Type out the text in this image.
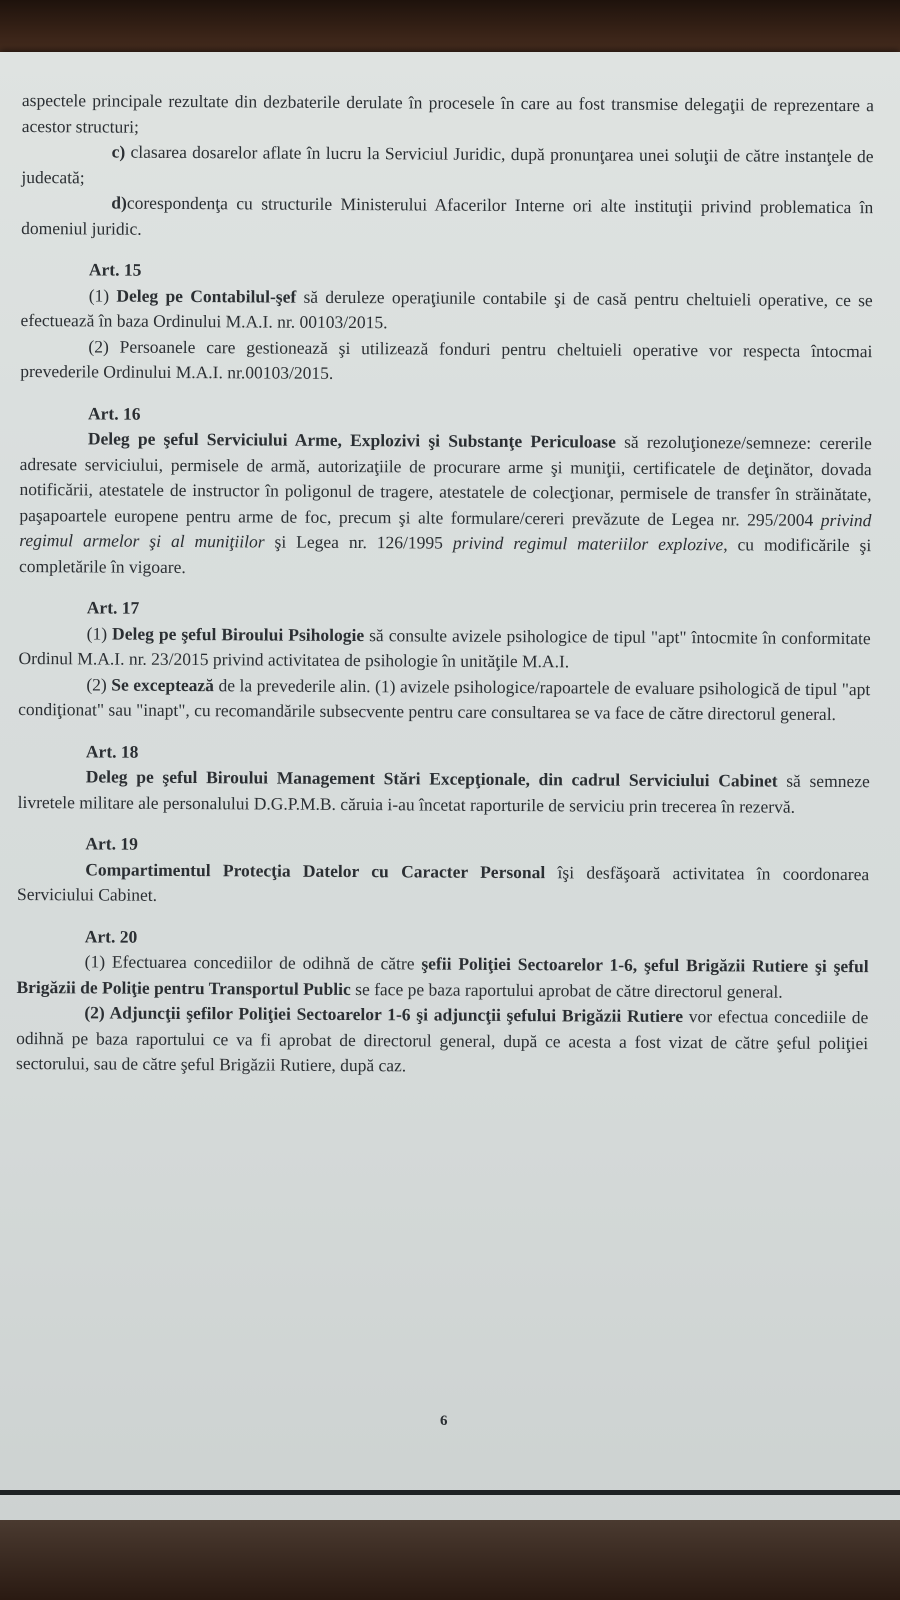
aspectele principale rezultate din dezbaterile derulate în procesele în care au fost transmise delegaţii de reprezentare a acestor structuri;

c) clasarea dosarelor aflate în lucru la Serviciul Juridic, după pronunţarea unei soluţii de către instanţele de judecată;

d)corespondenţa cu structurile Ministerului Afacerilor Interne ori alte instituţii privind problematica în domeniul juridic.

Art. 15

(1) Deleg pe Contabilul-şef să deruleze operaţiunile contabile şi de casă pentru cheltuieli operative, ce se efectuează în baza Ordinului M.A.I. nr. 00103/2015.

(2) Persoanele care gestionează şi utilizează fonduri pentru cheltuieli operative vor respecta întocmai prevederile Ordinului M.A.I. nr.00103/2015.

Art. 16

Deleg pe şeful Serviciului Arme, Explozivi şi Substanţe Periculoase să rezoluţioneze/semneze: cererile adresate serviciului, permisele de armă, autorizaţiile de procurare arme şi muniţii, certificatele de deţinător, dovada notificării, atestatele de instructor în poligonul de tragere, atestatele de colecţionar, permisele de transfer în străinătate, paşapoartele europene pentru arme de foc, precum şi alte formulare/cereri prevăzute de Legea nr. 295/2004 privind regimul armelor şi al muniţiilor şi Legea nr. 126/1995 privind regimul materiilor explozive, cu modificările şi completările în vigoare.

Art. 17

(1) Deleg pe şeful Biroului Psihologie să consulte avizele psihologice de tipul "apt" întocmite în conformitate Ordinul M.A.I. nr. 23/2015 privind activitatea de psihologie în unităţile M.A.I.

(2) Se exceptează de la prevederile alin. (1) avizele psihologice/rapoartele de evaluare psihologică de tipul "apt condiţionat" sau "inapt", cu recomandările subsecvente pentru care consultarea se va face de către directorul general.

Art. 18

Deleg pe şeful Biroului Management Stări Excepţionale, din cadrul Serviciului Cabinet să semneze livretele militare ale personalului D.G.P.M.B. căruia i-au încetat raporturile de serviciu prin trecerea în rezervă.

Art. 19

Compartimentul Protecţia Datelor cu Caracter Personal îşi desfăşoară activitatea în coordonarea Serviciului Cabinet.

Art. 20

(1) Efectuarea concediilor de odihnă de către şefii Poliţiei Sectoarelor 1-6, şeful Brigăzii Rutiere şi şeful Brigăzii de Poliţie pentru Transportul Public se face pe baza raportului aprobat de către directorul general.

(2) Adjuncţii şefilor Poliţiei Sectoarelor 1-6 şi adjuncţii şefului Brigăzii Rutiere vor efectua concediile de odihnă pe baza raportului ce va fi aprobat de directorul general, după ce acesta a fost vizat de către şeful poliţiei sectorului, sau de către şeful Brigăzii Rutiere, după caz.

6
